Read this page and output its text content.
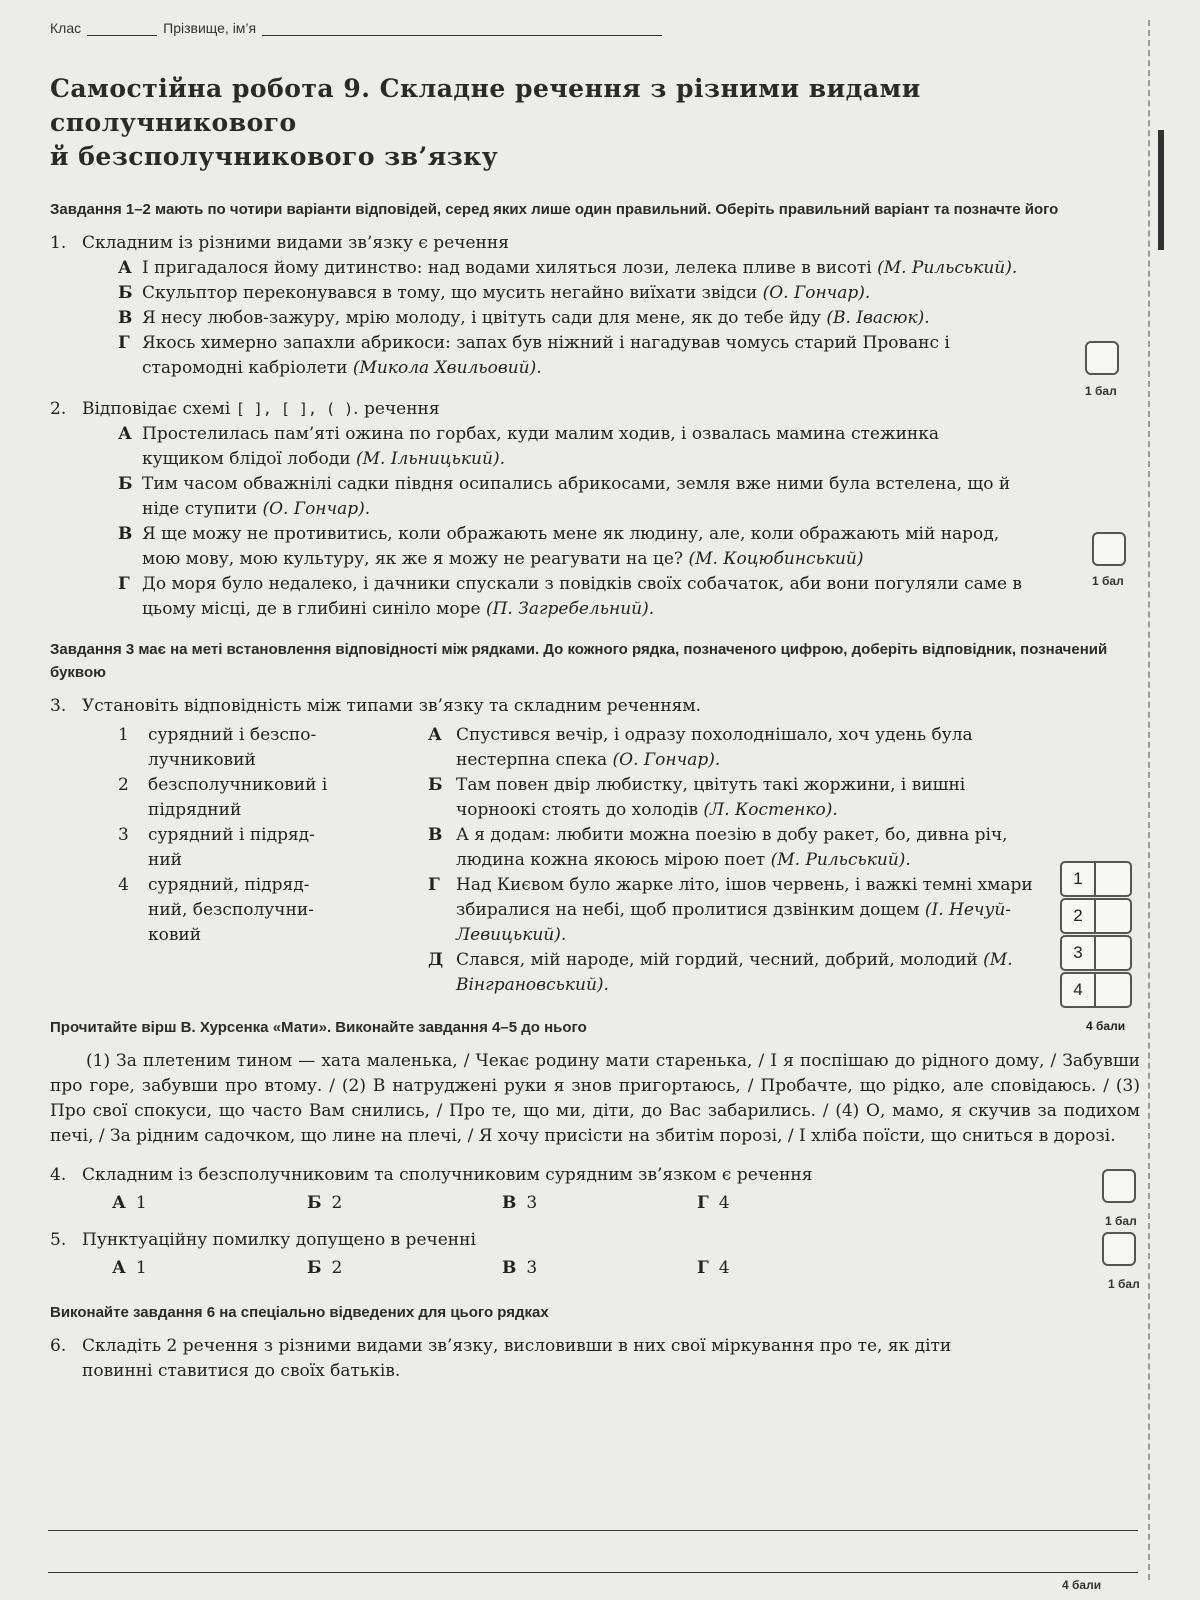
Клас	Прізвище, ім’я
Самостійна робота 9. Складне речення з різними видами сполучникового
й безсполучникового зв’язку
Завдання 1–2 мають по чотири варіанти відповідей, серед яких лише один правильний. Оберіть правильний варіант та позначте його
1. Складним із різними видами зв’язку є речення
А І пригадалося йому дитинство: над водами хиляться лози, лелека пливе в висоті (М. Рильський).
Б Скульптор переконувався в тому, що мусить негайно виїхати звідси (О. Гончар).
В Я несу любов-зажуру, мрію молоду, і цвітуть сади для мене, як до тебе йду (В. Івасюк).
Г Якось химерно запахли абрикоси: запах був ніжний і нагадував чомусь старий Прованс і старомодні кабріолети (Микола Хвильовий).
1 бал
2. Відповідає схемі [ ], [ ], ( ). речення
А Простелилась пам’яті ожина по горбах, куди малим ходив, і озвалась мамина стежинка кущиком блідої лободи (М. Ільницький).
Б Тим часом обважнілі садки півдня осипались абрикосами, земля вже ними була встелена, що й ніде ступити (О. Гончар).
В Я ще можу не противитись, коли ображають мене як людину, але, коли ображають мій народ, мою мову, мою культуру, як же я можу не реагувати на це? (М. Коцюбинський)
Г До моря було недалеко, і дачники спускали з повідків своїх собачаток, аби вони погуляли саме в цьому місці, де в глибині синіло море (П. Загребельний).
1 бал
Завдання 3 має на меті встановлення відповідності між рядками. До кожного рядка, позначеного цифрою, доберіть відповідник, позначений буквою
3. Установіть відповідність між типами зв’язку та складним реченням.
1	сурядний і безспо- лучниковий
2	безсполучниковий і підрядний
3	сурядний і підряд- ний
4	сурядний, підряд- ний, безсполучни- ковий
А Спустився вечір, і одразу похолоднішало, хоч удень була нестерпна спека (О. Гончар).
Б Там повен двір любистку, цвітуть такі жоржини, і вишні чорноокі стоять до холодів (Л. Костенко).
В А я додам: любити можна поезію в добу ракет, бо, дивна річ, людина кожна якоюсь мірою поет (М. Рильський).
Г Над Києвом було жарке літо, ішов червень, і важкі темні хмари збиралися на небі, щоб пролитися дзвінким дощем (І. Нечуй-Левицький).
Д Слався, мій народе, мій гордий, чесний, добрий, молодий (М. Вінграновський).
1
2
3
4
4 бали
Прочитайте вірш В. Хурсенка «Мати». Виконайте завдання 4–5 до нього
(1) За плетеним тином — хата маленька, / Чекає родину мати старенька, / І я поспішаю до рідного дому, / Забувши про горе, забувши про втому. / (2) В натруджені руки я знов пригортаюсь, / Пробачте, що рідко, але сповідаюсь. / (3) Про свої спокуси, що часто Вам снились, / Про те, що ми, діти, до Вас забарились. / (4) О, мамо, я скучив за подихом печі, / За рідним садочком, що лине на плечі, / Я хочу присісти на збитім порозі, / І хліба поїсти, що сниться в дорозі.
4. Складним із безсполучниковим та сполучниковим сурядним зв’язком є речення
А 1	Б 2	В 3	Г 4
1 бал
5. Пунктуаційну помилку допущено в реченні
А 1	Б 2	В 3	Г 4
1 бал
Виконайте завдання 6 на спеціально відведених для цього рядках
6. Складіть 2 речення з різними видами зв’язку, висловивши в них свої міркування про те, як діти повинні ставитися до своїх батьків.
4 бали
